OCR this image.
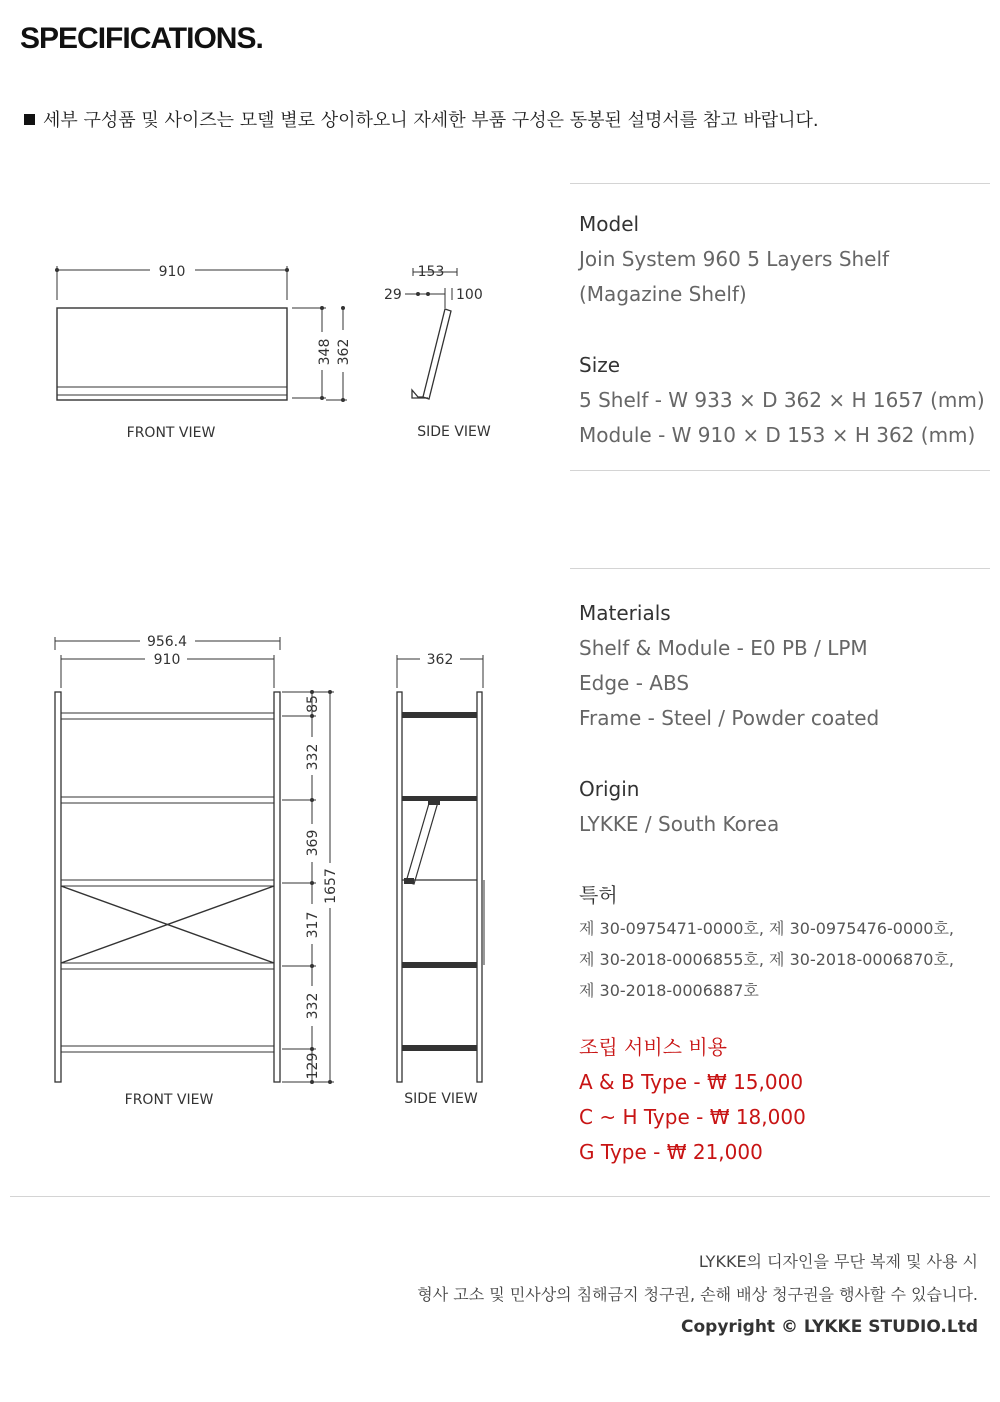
SPECIFICATIONS.
세부 구성품 및 사이즈는 모델 별로 상이하오니 자세한 부품 구성은 동봉된 설명서를 참고 바랍니다.
910
348 362
153
29	100
FRONT VIEW	SIDE VIEW
956.4
910	362
85
332
369
317
332
129
1657
FRONT VIEW	SIDE VIEW
Model
Join System 960 5 Layers Shelf
(Magazine Shelf)
Size
5 Shelf - W 933 × D 362 × H 1657 (mm)
Module - W 910 × D 153 × H 362 (mm)
Materials
Shelf & Module - E0 PB / LPM
Edge - ABS
Frame - Steel / Powder coated
Origin
LYKKE / South Korea
특허
제 30-0975471-0000호, 제 30-0975476-0000호,
제 30-2018-0006855호, 제 30-2018-0006870호,
제 30-2018-0006887호
조립 서비스 비용
A & B Type - ₩ 15,000
C ~ H Type - ₩ 18,000
G Type - ₩ 21,000
LYKKE의 디자인을 무단 복제 및 사용 시
형사 고소 및 민사상의 침해금지 청구권, 손해 배상 청구권을 행사할 수 있습니다.
Copyright © LYKKE STUDIO.Ltd
